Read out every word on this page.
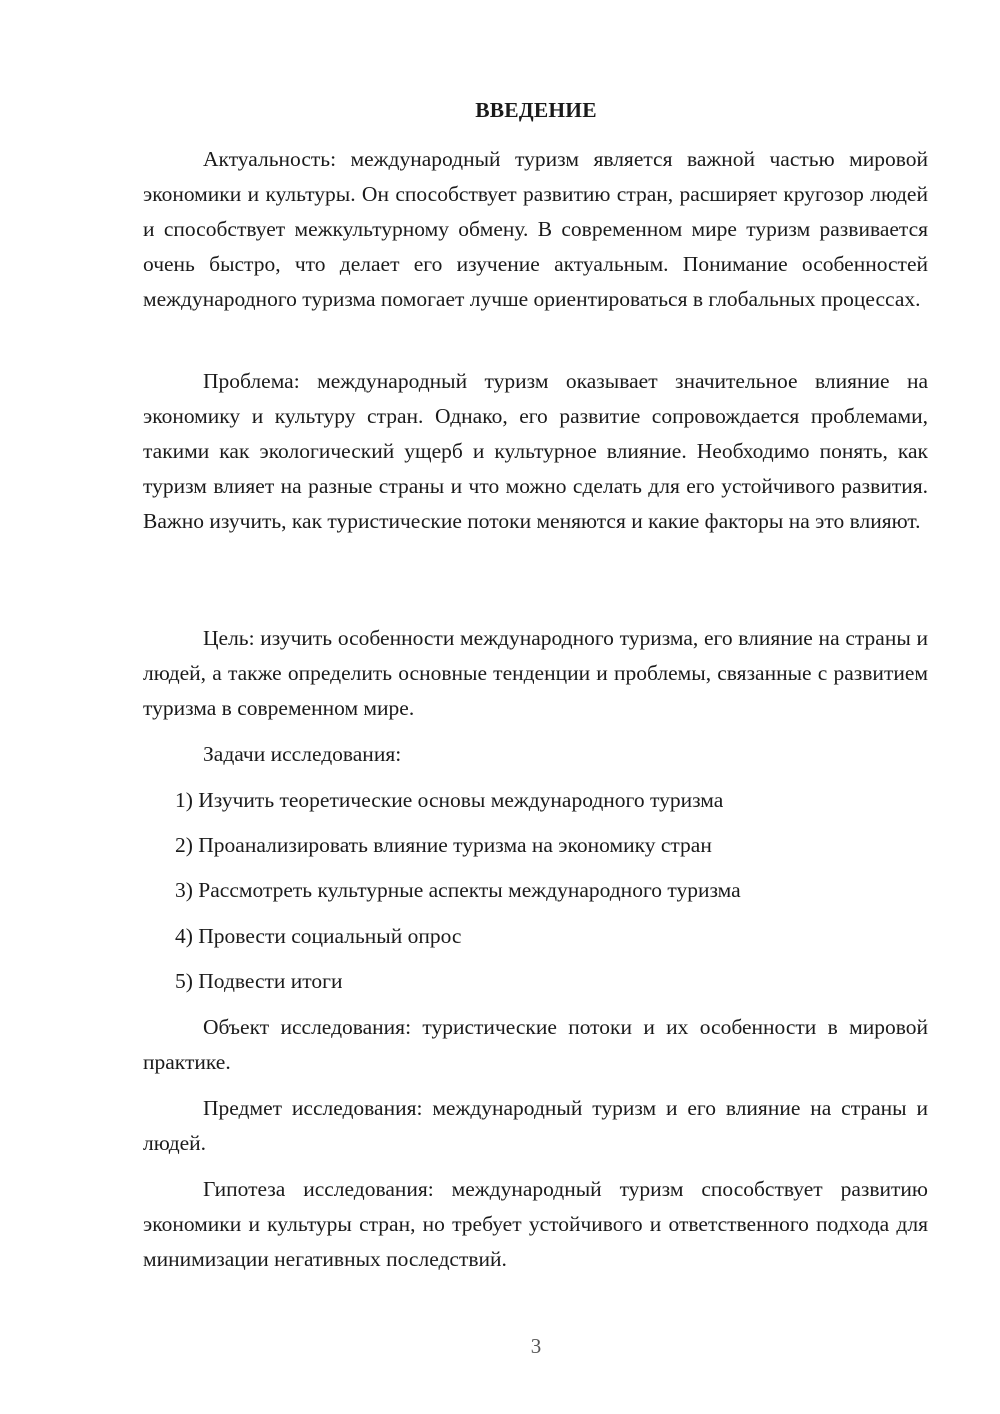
ВВЕДЕНИЕ

Актуальность: международный туризм является важной частью мировой экономики и культуры. Он способствует развитию стран, расширяет кругозор людей и способствует межкультурному обмену. В современном мире туризм развивается очень быстро, что делает его изучение актуальным. Понимание особенностей международного туризма помогает лучше ориентироваться в глобальных процессах.

Проблема: международный туризм оказывает значительное влияние на экономику и культуру стран. Однако, его развитие сопровождается проблемами, такими как экологический ущерб и культурное влияние. Необходимо понять, как туризм влияет на разные страны и что можно сделать для его устойчивого развития. Важно изучить, как туристические потоки меняются и какие факторы на это влияют.

Цель: изучить особенности международного туризма, его влияние на страны и людей, а также определить основные тенденции и проблемы, связанные с развитием туризма в современном мире.

Задачи исследования:

1) Изучить теоретические основы международного туризма

2) Проанализировать влияние туризма на экономику стран

3) Рассмотреть культурные аспекты международного туризма

4) Провести социальный опрос

5) Подвести итоги

Объект исследования: туристические потоки и их особенности в мировой практике.

Предмет исследования: международный туризм и его влияние на страны и людей.

Гипотеза исследования: международный туризм способствует развитию экономики и культуры стран, но требует устойчивого и ответственного подхода для минимизации негативных последствий.

3
